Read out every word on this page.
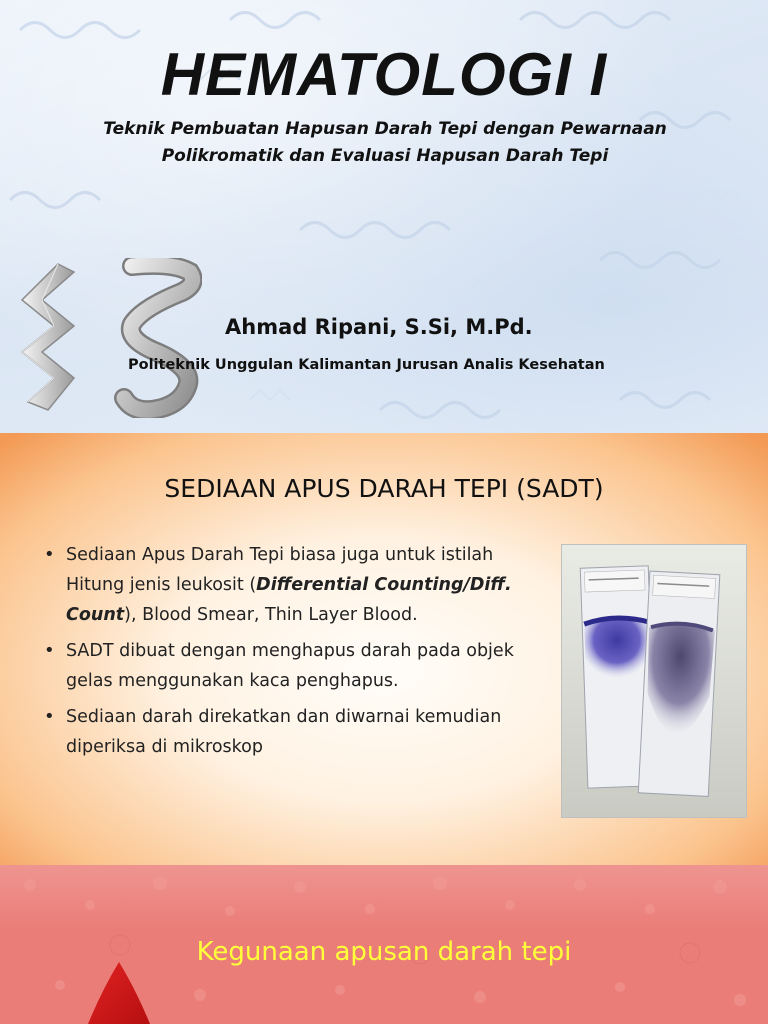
HEMATOLOGI I
Teknik Pembuatan Hapusan Darah Tepi dengan Pewarnaan
Polikromatik dan Evaluasi Hapusan Darah Tepi
Ahmad Ripani, S.Si, M.Pd.
Politeknik Unggulan Kalimantan Jurusan Analis Kesehatan
SEDIAAN APUS DARAH TEPI (SADT)
• Sediaan Apus Darah Tepi biasa juga untuk istilah Hitung jenis leukosit (Differential Counting/Diff. Count), Blood Smear, Thin Layer Blood.
• SADT dibuat dengan menghapus darah pada objek gelas menggunakan kaca penghapus.
• Sediaan darah direkatkan dan diwarnai kemudian diperiksa di mikroskop
Kegunaan apusan darah tepi
